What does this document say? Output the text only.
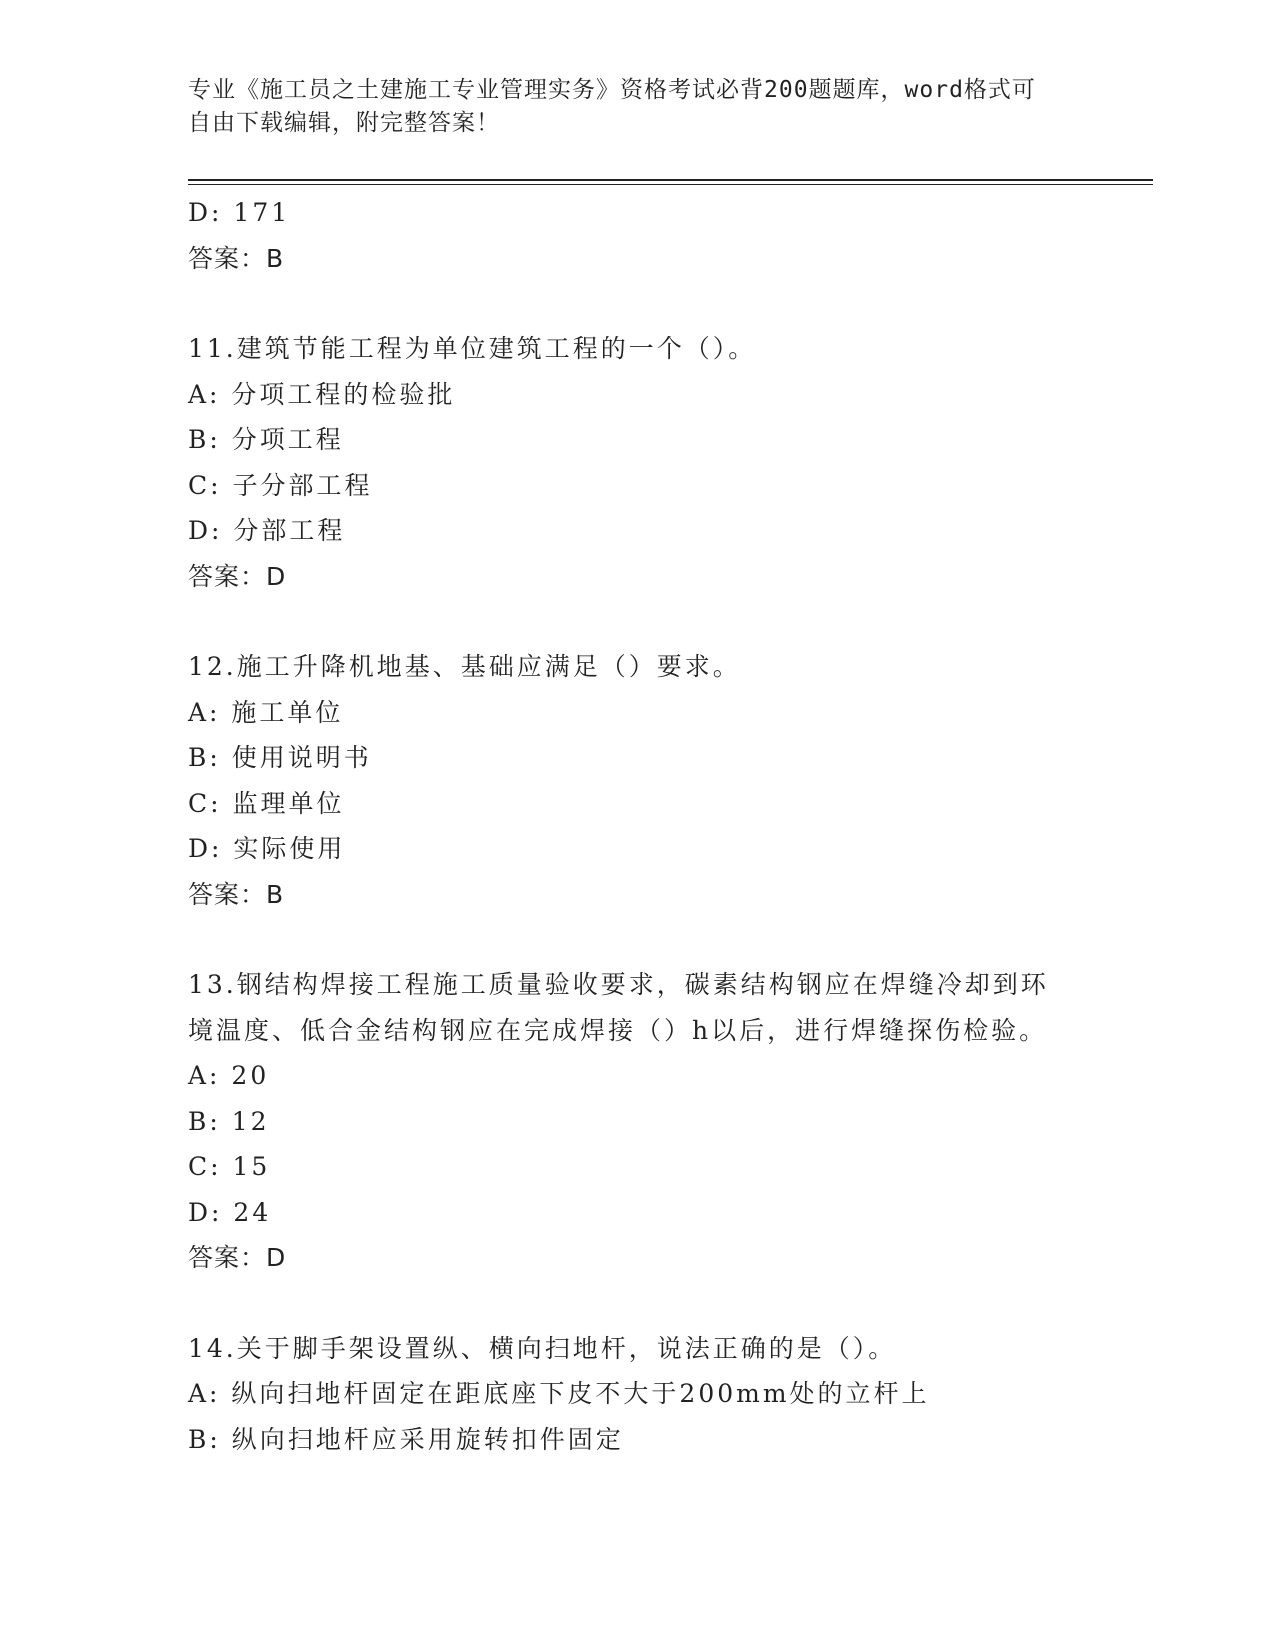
专业《施工员之土建施工专业管理实务》资格考试必背200题题库，word格式可
自由下载编辑，附完整答案！
D: 171
答案：B
11.建筑节能工程为单位建筑工程的一个（）。
A: 分项工程的检验批
B: 分项工程
C: 子分部工程
D: 分部工程
答案：D
12.施工升降机地基、基础应满足（）要求。
A: 施工单位
B: 使用说明书
C: 监理单位
D: 实际使用
答案：B
13.钢结构焊接工程施工质量验收要求，碳素结构钢应在焊缝冷却到环
境温度、低合金结构钢应在完成焊接（）h以后，进行焊缝探伤检验。
A: 20
B: 12
C: 15
D: 24
答案：D
14.关于脚手架设置纵、横向扫地杆，说法正确的是（）。
A: 纵向扫地杆固定在距底座下皮不大于200mm处的立杆上
B: 纵向扫地杆应采用旋转扣件固定
